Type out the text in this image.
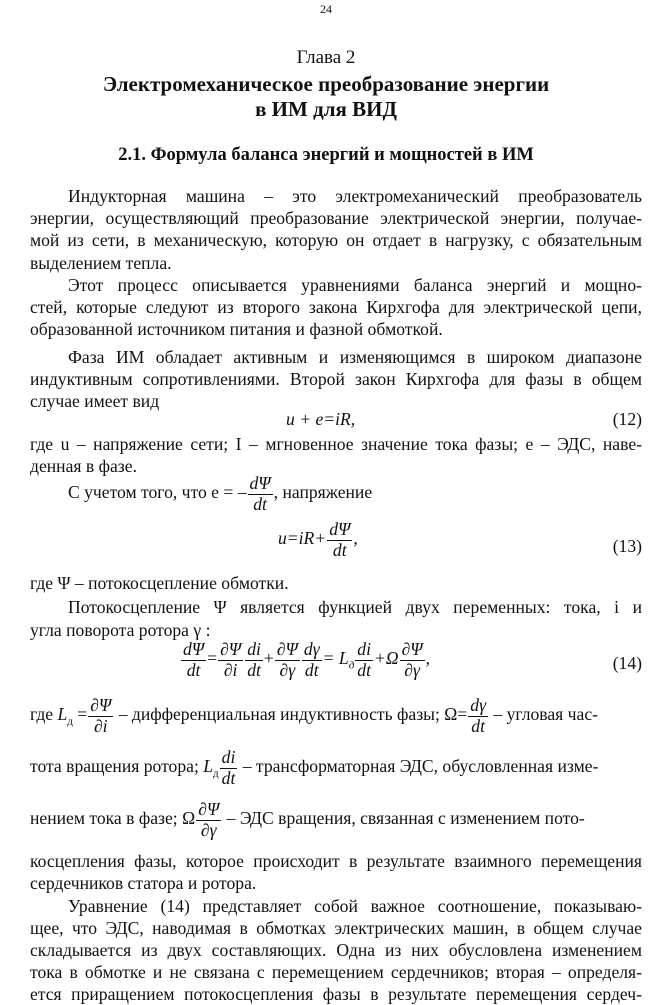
24
Глава 2
Электромеханическое преобразование энергии
в ИМ для ВИД
2.1. Формула баланса энергий и мощностей в ИМ
Индукторная машина – это электромеханический преобразователь
энергии, осуществляющий преобразование электрической энергии, получае-
мой из сети, в механическую, которую он отдает в нагрузку, с обязательным
выделением тепла.
Этот процесс описывается уравнениями баланса энергий и мощно-
стей, которые следуют из второго закона Кирхгофа для электрической цепи,
образованной источником питания и фазной обмоткой.
Фаза ИМ обладает активным и изменяющимся в широком диапазоне
индуктивным сопротивлениями. Второй закон Кирхгофа для фазы в общем
случае имеет вид
u + e=iR,	(12)
где u – напряжение сети; I – мгновенное значение тока фазы; e – ЭДС, наве-
денная в фазе.
С учетом того, что e = – $\frac{d\Psi}{dt}$ , напряжение
$u=iR+ \frac{d\Psi}{dt}$ ,	(13)
где Ψ – потокосцепление обмотки.
Потокосцепление Ψ является функцией двух переменных: тока, i и
угла поворота ротора γ :
$\frac{d\Psi}{dt} = \frac{\partial\Psi}{\partial i} \frac{di}{dt} + \frac{\partial\Psi}{\partial\gamma} \frac{d\gamma}{dt} = L_д \frac{di}{dt} +\Omega \frac{\partial\Psi}{\partial\gamma}$ ,	(14)
где $L_д = \frac{\partial\Psi}{\partial i}$ – дифференциальная индуктивность фазы; $\Omega= \frac{d\gamma}{dt}$ – угловая час-
тота вращения ротора; $L_д \frac{di}{dt}$ – трансформаторная ЭДС, обусловленная изме-
нением тока в фазе; Ω $\frac{\partial\Psi}{\partial\gamma}$ – ЭДС вращения, связанная с изменением пото-
косцепления фазы, которое происходит в результате взаимного перемещения
сердечников статора и ротора.
Уравнение (14) представляет собой важное соотношение, показываю-
щее, что ЭДС, наводимая в обмотках электрических машин, в общем случае
складывается из двух составляющих. Одна из них обусловлена изменением
тока в обмотке и не связана с перемещением сердечников; вторая – определя-
ется приращением потокосцепления фазы в результате перемещения сердеч-
